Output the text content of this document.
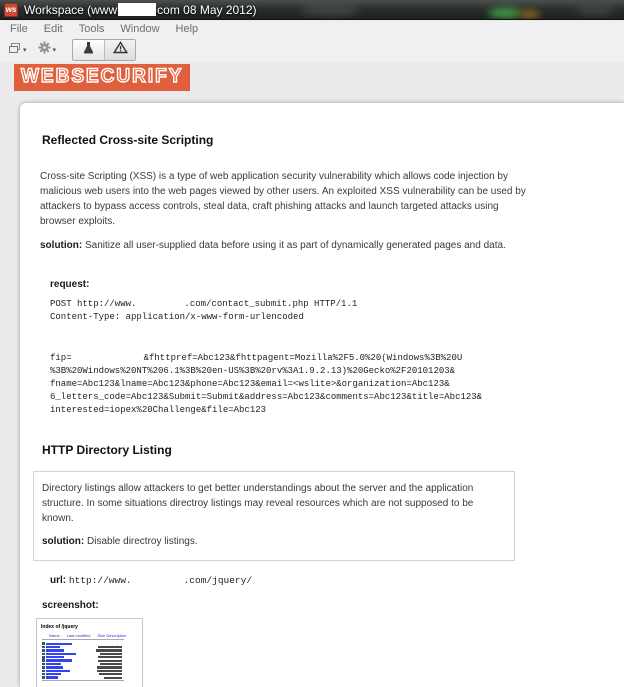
ws Workspace (www	com 08 May 2012)
File	Edit	Tools	Window	Help
▾	▾
WEBSECURIFY
Reflected Cross-site Scripting

Cross-site Scripting (XSS) is a type of web application security vulnerability which allows code injection by malicious web users into the web pages viewed by other users. An exploited XSS vulnerability can be used by attackers to bypass access controls, steal data, craft phishing attacks and launch targeted attacks using browser exploits.

solution: Sanitize all user-supplied data before using it as part of dynamically generated pages and data.

request:
POST http://www.	.com/contact_submit.php HTTP/1.1
Content-Type: application/x-www-form-urlencoded
fip=	&fhttpref=Abc123&fhttpagent=Mozilla%2F5.0%20(Windows%3B%20U
%3B%20Windows%20NT%206.1%3B%20en-US%3B%20rv%3A1.9.2.13)%20Gecko%2F20101203&
fname=Abc123&lname=Abc123&phone=Abc123&email=<wslite>&organization=Abc123&
6_letters_code=Abc123&Submit=Submit&address=Abc123&comments=Abc123&title=Abc123&
interested=iopex%20Challenge&file=Abc123
HTTP Directory Listing

Directory listings allow attackers to get better understandings about the server and the application structure. In some situations directroy listings may reveal resources which are not supposed to be known.

solution: Disable directroy listings.

url: http://www.	.com/jquery/
screenshot:
Index of /jquery
Name Last modified Size Description
-
